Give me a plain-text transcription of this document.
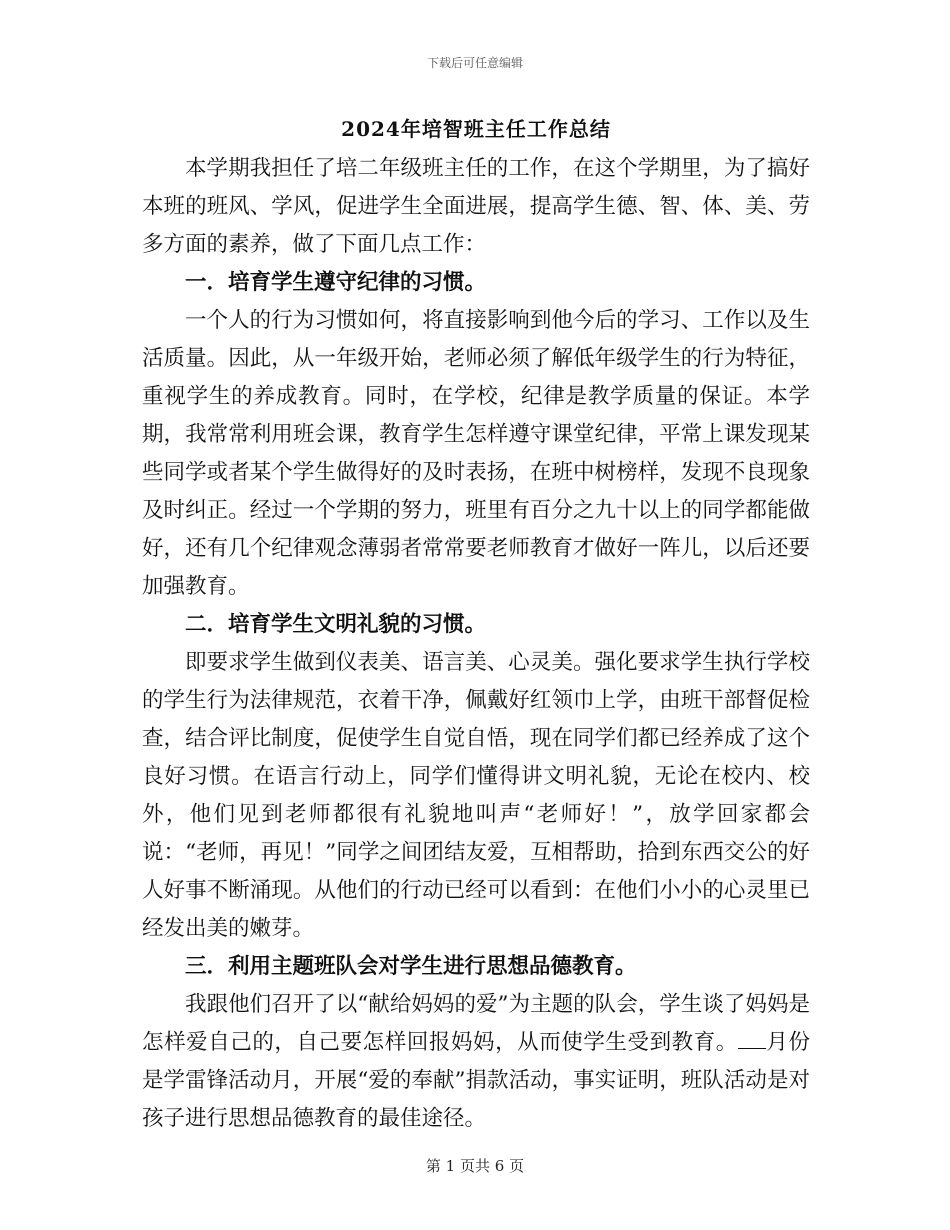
下载后可任意编辑
2024年培智班主任工作总结

本学期我担任了培二年级班主任的工作，在这个学期里，为了搞好本班的班风、学风，促进学生全面进展，提高学生德、智、体、美、劳多方面的素养，做了下面几点工作：

一．培育学生遵守纪律的习惯。

一个人的行为习惯如何，将直接影响到他今后的学习、工作以及生活质量。因此，从一年级开始，老师必须了解低年级学生的行为特征，重视学生的养成教育。同时，在学校，纪律是教学质量的保证。本学期，我常常利用班会课，教育学生怎样遵守课堂纪律，平常上课发现某些同学或者某个学生做得好的及时表扬，在班中树榜样，发现不良现象及时纠正。经过一个学期的努力，班里有百分之九十以上的同学都能做好，还有几个纪律观念薄弱者常常要老师教育才做好一阵儿，以后还要加强教育。

二．培育学生文明礼貌的习惯。

即要求学生做到仪表美、语言美、心灵美。强化要求学生执行学校的学生行为法律规范，衣着干净，佩戴好红领巾上学，由班干部督促检查，结合评比制度，促使学生自觉自悟，现在同学们都已经养成了这个良好习惯。在语言行动上，同学们懂得讲文明礼貌，无论在校内、校外，他们见到老师都很有礼貌地叫声“老师好！”，放学回家都会说：“老师，再见！”同学之间团结友爱，互相帮助，拾到东西交公的好人好事不断涌现。从他们的行动已经可以看到：在他们小小的心灵里已经发出美的嫩芽。

三．利用主题班队会对学生进行思想品德教育。

我跟他们召开了以“献给妈妈的爱”为主题的队会，学生谈了妈妈是怎样爱自己的，自己要怎样回报妈妈，从而使学生受到教育。 月份是学雷锋活动月，开展“爱的奉献”捐款活动，事实证明，班队活动是对孩子进行思想品德教育的最佳途径。

第 1 页共 6 页
